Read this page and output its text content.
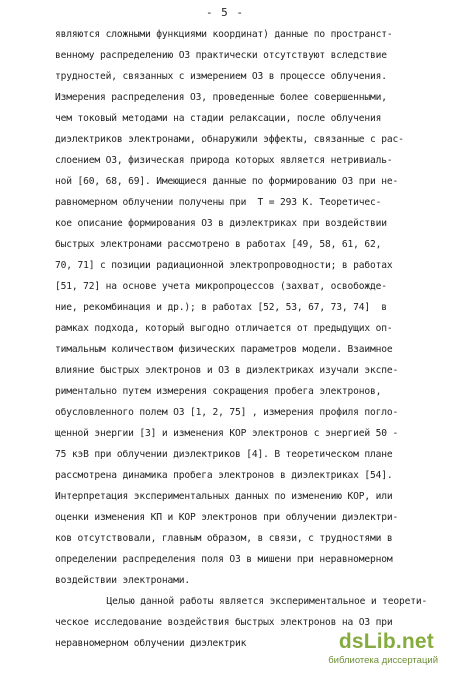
- 5 -
являются сложными функциями координат) данные по пространст-
венному распределению ОЗ практически отсутствуют вследствие
трудностей, связанных с измерением ОЗ в процессе облучения.
Измерения распределения ОЗ, проведенные более совершенными,
чем токовый методами на стадии релаксации, после облучения
диэлектриков электронами, обнаружили эффекты, связанные с рас-
слоением ОЗ, физическая природа которых является нетривиаль-
ной [60, 68, 69]. Имеющиеся данные по формированию ОЗ при не-
равномерном облучении получены при  T = 293 К. Теоретичес-
кое описание формирования ОЗ в диэлектриках при воздействии
быстрых электронами рассмотрено в работах [49, 58, 61, 62,
70, 71] с позиции радиационной электропроводности; в работах
[51, 72] на основе учета микропроцессов (захват, освобожде-
ние, рекомбинация и др.); в работах [52, 53, 67, 73, 74]  в
рамках подхода, который выгодно отличается от предыдущих оп-
тимальным количеством физических параметров модели. Взаимное
влияние быстрых электронов и ОЗ в диэлектриках изучали экспе-
риментально путем измерения сокращения пробега электронов,
обусловленного полем ОЗ [1, 2, 75] , измерения профиля погло-
щенной энергии [3] и изменения КОР электронов с энергией 50 -
75 кэВ при облучении диэлектриков [4]. В теоретическом плане
рассмотрена динамика пробега электронов в диэлектриках [54].
Интерпретация экспериментальных данных по изменению КОР, или
оценки изменения КП и КОР электронов при облучении диэлектри-
ков отсутствовали, главным образом, в связи, с трудностями в
определении распределения поля ОЗ в мишени при неравномерном
воздействии электронами.
Целью данной работы является экспериментальное и теорети-
ческое исследование воздействия быстрых электронов на ОЗ при
неравномерном облучении диэлектрик	dsLib.net
библиотека диссертаций
